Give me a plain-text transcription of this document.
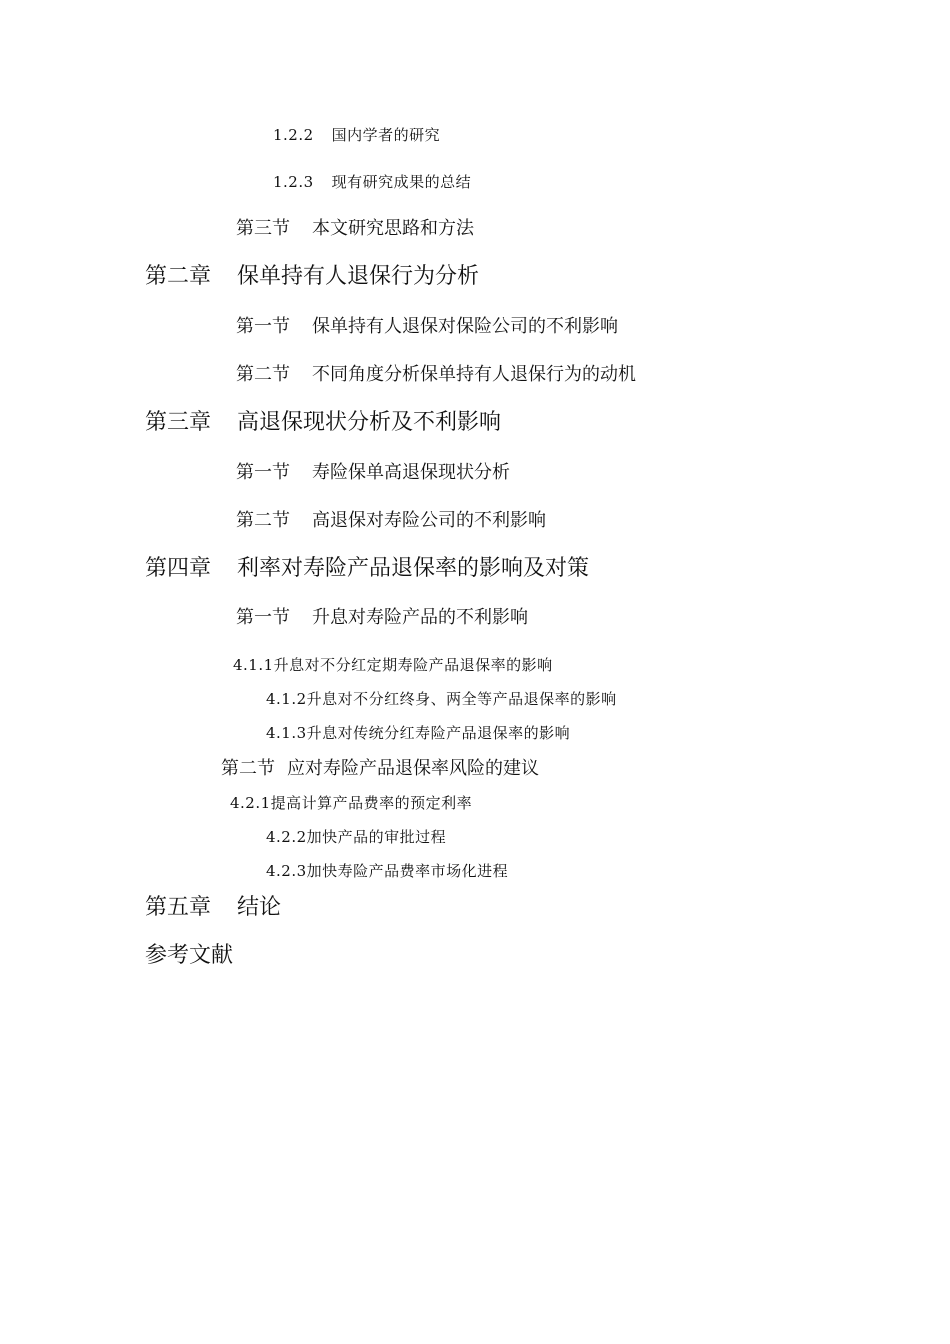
1.2.2 国内学者的研究
1.2.3 现有研究成果的总结
第三节 本文研究思路和方法
第二章 保单持有人退保行为分析
第一节 保单持有人退保对保险公司的不利影响
第二节 不同角度分析保单持有人退保行为的动机
第三章 高退保现状分析及不利影响
第一节 寿险保单高退保现状分析
第二节 高退保对寿险公司的不利影响
第四章 利率对寿险产品退保率的影响及对策
第一节 升息对寿险产品的不利影响
4.1.1升息对不分红定期寿险产品退保率的影响
4.1.2升息对不分红终身、两全等产品退保率的影响
4.1.3升息对传统分红寿险产品退保率的影响
第二节 应对寿险产品退保率风险的建议
4.2.1提高计算产品费率的预定利率
4.2.2加快产品的审批过程
4.2.3加快寿险产品费率市场化进程
第五章 结论
参考文献
